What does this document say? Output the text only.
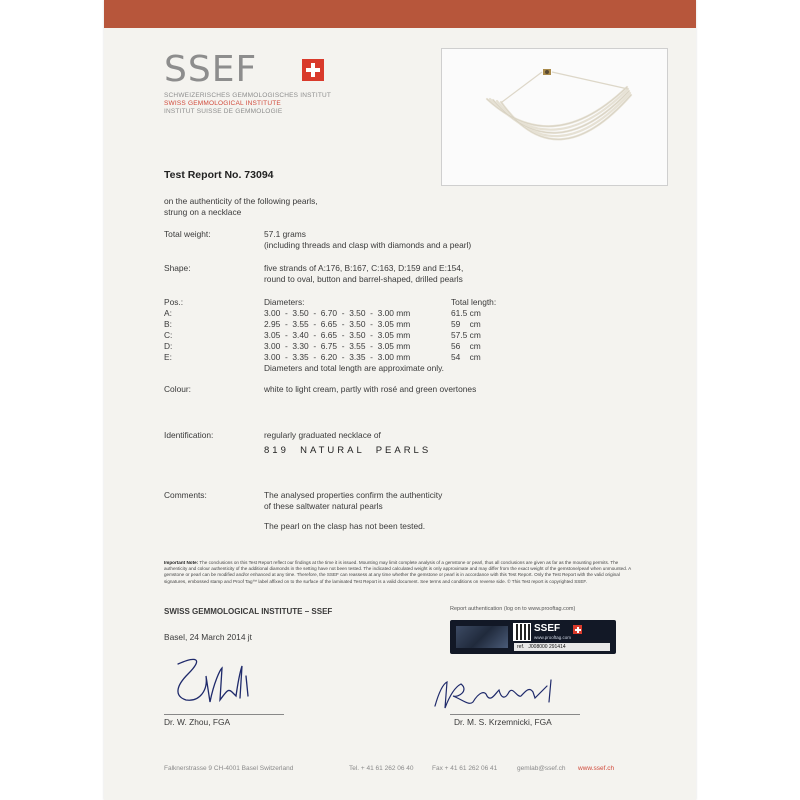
SSEF
SCHWEIZERISCHES GEMMOLOGISCHES INSTITUT
SWISS GEMMOLOGICAL INSTITUTE
INSTITUT SUISSE DE GEMMOLOGIE
Test Report No. 73094
on the authenticity of the following pearls,
strung on a necklace
Total weight:	57.1 grams
(including threads and clasp with diamonds and a pearl)
Shape:	five strands of A:176, B:167, C:163, D:159 and E:154,
round to oval, button and barrel-shaped, drilled pearls
Pos.:	Diameters:	Total length:
A:	3.00  -  3.50  -  6.70  -  3.50  -  3.00 mm	61.5 cm
B:	2.95  -  3.55  -  6.65  -  3.50  -  3.05 mm	59    cm
C:	3.05  -  3.40  -  6.65  -  3.50  -  3.05 mm	57.5 cm
D:	3.00  -  3.30  -  6.75  -  3.55  -  3.05 mm	56    cm
E:	3.00  -  3.35  -  6.20  -  3.35  -  3.00 mm	54    cm
Diameters and total length are approximate only.
Colour:	white to light cream, partly with rosé and green overtones
Identification:	regularly graduated necklace of
819  NATURAL  PEARLS
Comments:	The analysed properties confirm the authenticity
of these saltwater natural pearls
The pearl on the clasp has not been tested.
Important Note: The conclusions on this Test Report reflect our findings at the time it is issued. Mounting may limit complete analysis of a gemstone or pearl, thus all conclusions are given as far as the mounting permits. The authenticity and colour authenticity of the additional diamonds in the setting have not been tested. The indicated calculated weight is only approximate and may differ from the exact weight of the gemstone/pearl when unmounted. A gemstone or pearl can be modified and/or enhanced at any time. Therefore, the SSEF can reassess at any time whether the gemstone or pearl is in accordance with this Test Report. Only the Test Report with the valid original signatures, embossed stamp and Proof Tag™ label affixed on to the surface of the laminated Test Report is a valid document. See terms and conditions on reverse side. © This Test report is copyrighted SSEF.
SWISS GEMMOLOGICAL INSTITUTE – SSEF	Report authentication (log on to www.prooftag.com)
Basel, 24 March 2014 jt
SSEF
www.prooftag.com
ref.   J008000 291414
Dr. W. Zhou, FGA	Dr. M. S. Krzemnicki, FGA
Falknerstrasse 9 CH-4001 Basel Switzerland	Tel. + 41 61 262 06 40	Fax + 41 61 262 06 41	gemlab@ssef.ch www.ssef.ch
